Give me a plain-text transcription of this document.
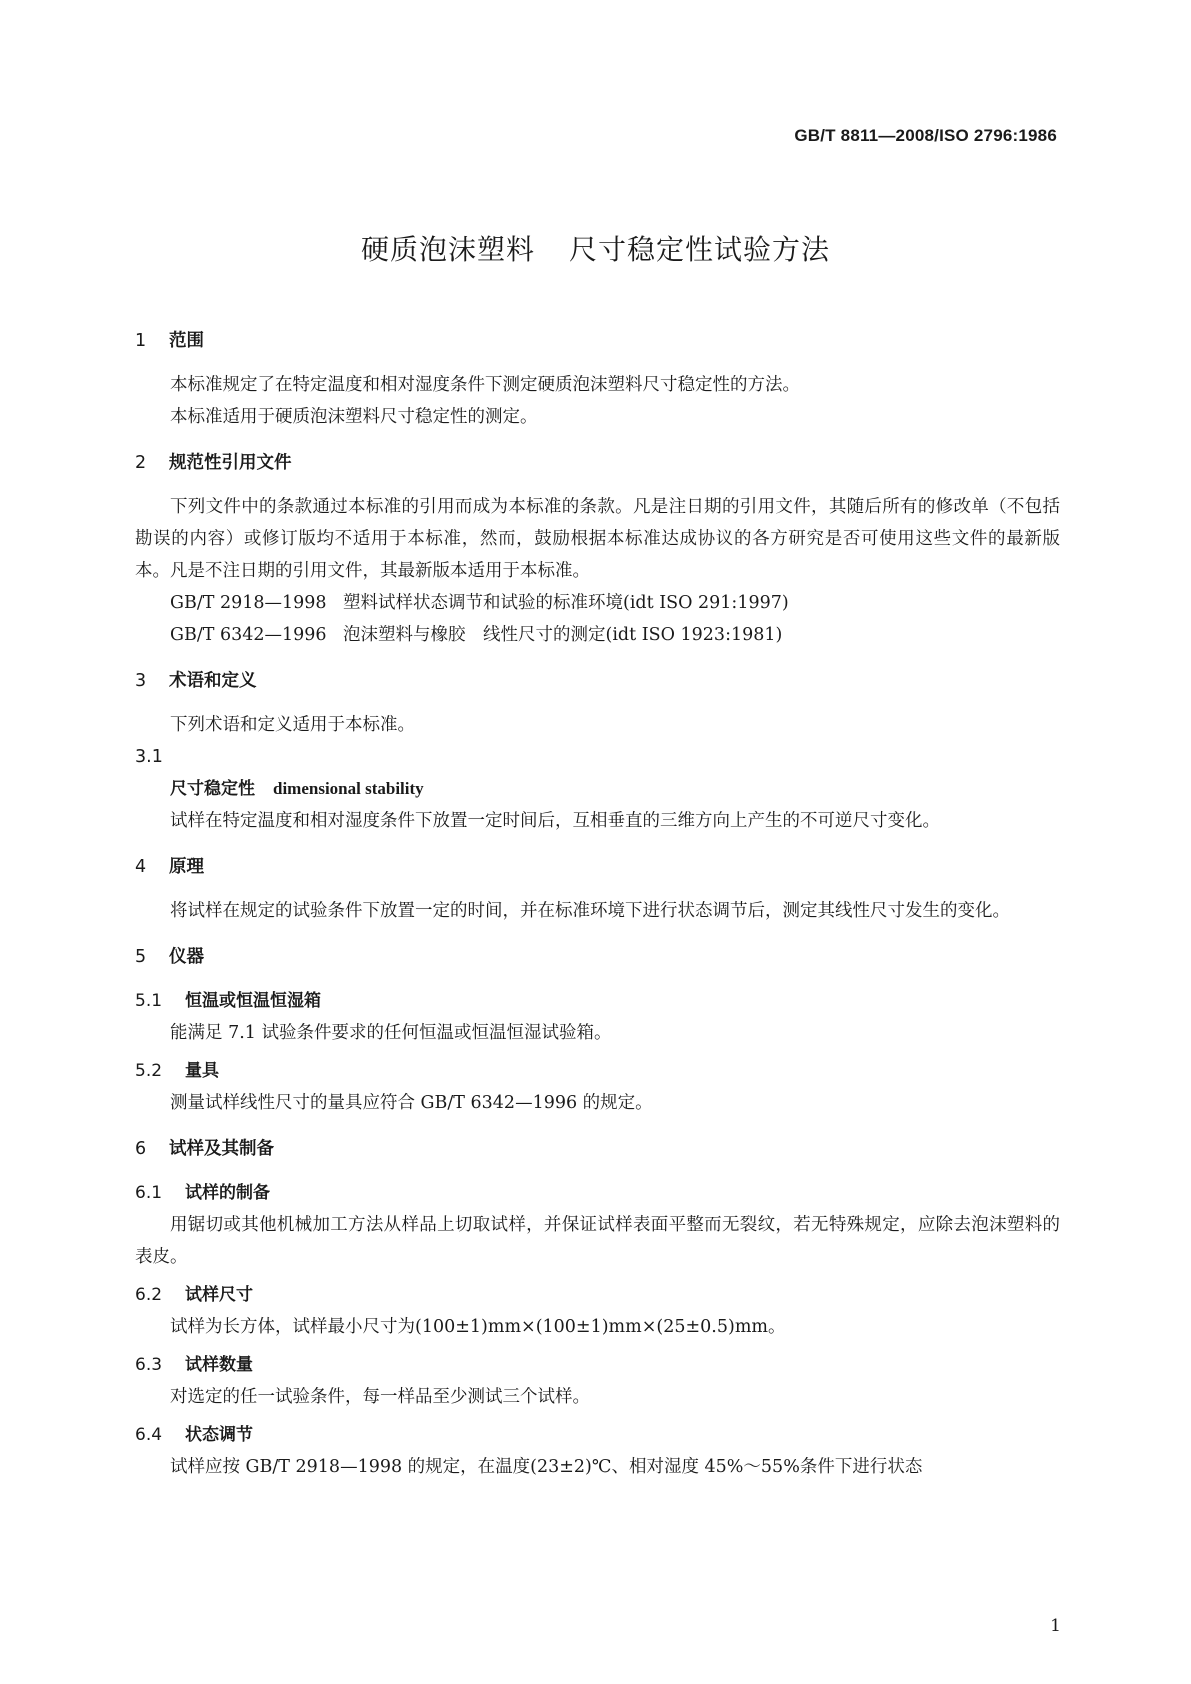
GB/T 8811—2008/ISO 2796:1986
硬质泡沫塑料 尺寸稳定性试验方法
1 范围

本标准规定了在特定温度和相对湿度条件下测定硬质泡沫塑料尺寸稳定性的方法。

本标准适用于硬质泡沫塑料尺寸稳定性的测定。

2 规范性引用文件

下列文件中的条款通过本标准的引用而成为本标准的条款。凡是注日期的引用文件，其随后所有的修改单（不包括勘误的内容）或修订版均不适用于本标准，然而，鼓励根据本标准达成协议的各方研究是否可使用这些文件的最新版本。凡是不注日期的引用文件，其最新版本适用于本标准。

GB/T 2918—1998 塑料试样状态调节和试验的标准环境(idt ISO 291:1997)
GB/T 6342—1996 泡沫塑料与橡胶　线性尺寸的测定(idt ISO 1923:1981)
3 术语和定义

下列术语和定义适用于本标准。

3.1
尺寸稳定性 dimensional stability

试样在特定温度和相对湿度条件下放置一定时间后，互相垂直的三维方向上产生的不可逆尺寸变化。

4 原理

将试样在规定的试验条件下放置一定的时间，并在标准环境下进行状态调节后，测定其线性尺寸发生的变化。

5 仪器
5.1 恒温或恒温恒湿箱

能满足 7.1 试验条件要求的任何恒温或恒温恒湿试验箱。

5.2 量具

测量试样线性尺寸的量具应符合 GB/T 6342—1996 的规定。

6 试样及其制备
6.1 试样的制备

用锯切或其他机械加工方法从样品上切取试样，并保证试样表面平整而无裂纹，若无特殊规定，应除去泡沫塑料的表皮。

6.2 试样尺寸

试样为长方体，试样最小尺寸为(100±1)mm×(100±1)mm×(25±0.5)mm。

6.3 试样数量

对选定的任一试验条件，每一样品至少测试三个试样。

6.4 状态调节

试样应按 GB/T 2918—1998 的规定，在温度(23±2)℃、相对湿度 45%～55%条件下进行状态

1
